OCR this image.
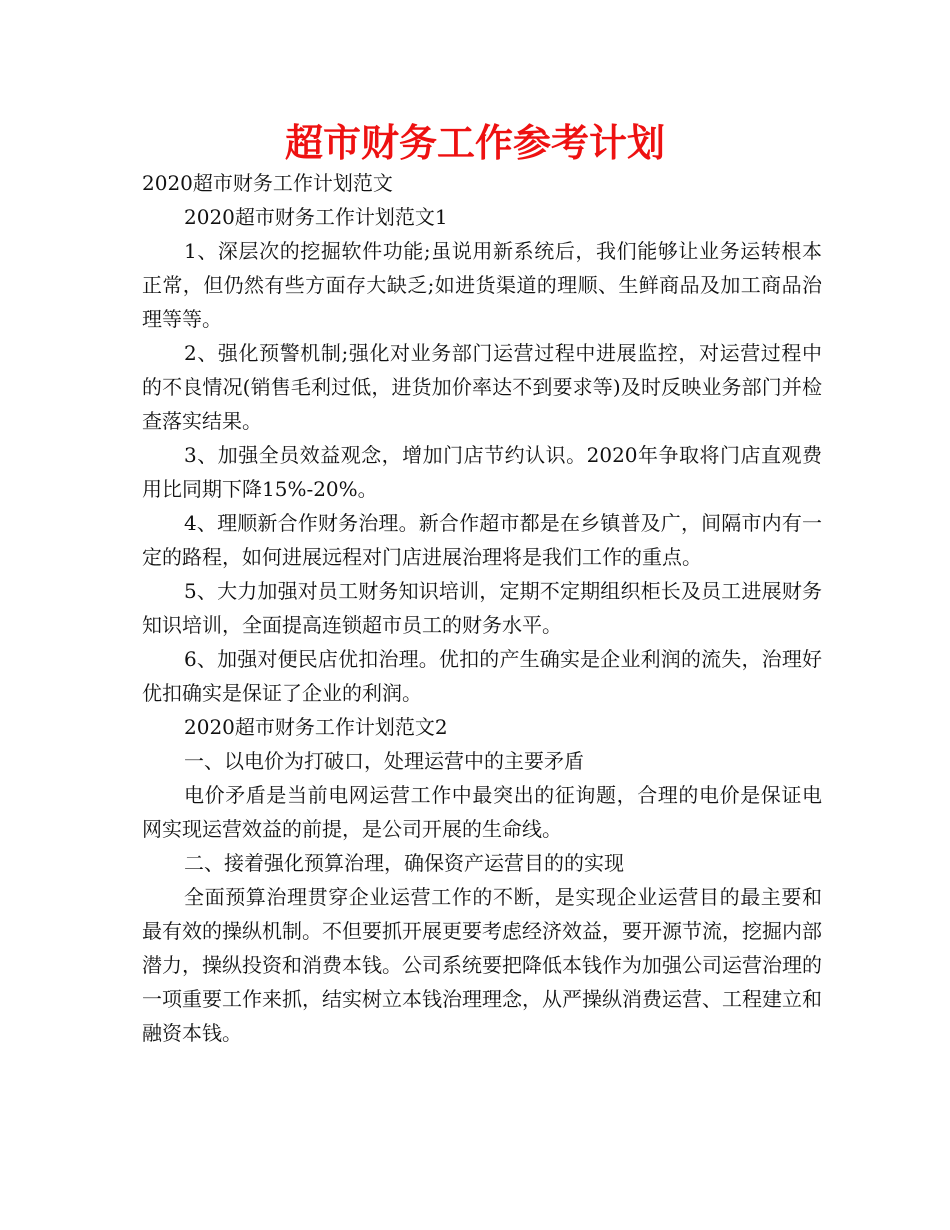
超市财务工作参考计划

2020超市财务工作计划范文

2020超市财务工作计划范文1

1、深层次的挖掘软件功能;虽说用新系统后，我们能够让业务运转根本正常，但仍然有些方面存大缺乏;如进货渠道的理顺、生鲜商品及加工商品治理等等。

2、强化预警机制;强化对业务部门运营过程中进展监控，对运营过程中的不良情况(销售毛利过低，进货加价率达不到要求等)及时反映业务部门并检查落实结果。

3、加强全员效益观念，增加门店节约认识。2020年争取将门店直观费用比同期下降15%-20%。

4、理顺新合作财务治理。新合作超市都是在乡镇普及广，间隔市内有一定的路程，如何进展远程对门店进展治理将是我们工作的重点。

5、大力加强对员工财务知识培训，定期不定期组织柜长及员工进展财务知识培训，全面提高连锁超市员工的财务水平。

6、加强对便民店优扣治理。优扣的产生确实是企业利润的流失，治理好优扣确实是保证了企业的利润。

2020超市财务工作计划范文2

一、以电价为打破口，处理运营中的主要矛盾

电价矛盾是当前电网运营工作中最突出的征询题，合理的电价是保证电网实现运营效益的前提，是公司开展的生命线。

二、接着强化预算治理，确保资产运营目的的实现

全面预算治理贯穿企业运营工作的不断，是实现企业运营目的最主要和最有效的操纵机制。不但要抓开展更要考虑经济效益，要开源节流，挖掘内部潜力，操纵投资和消费本钱。公司系统要把降低本钱作为加强公司运营治理的一项重要工作来抓，结实树立本钱治理理念，从严操纵消费运营、工程建立和融资本钱。
